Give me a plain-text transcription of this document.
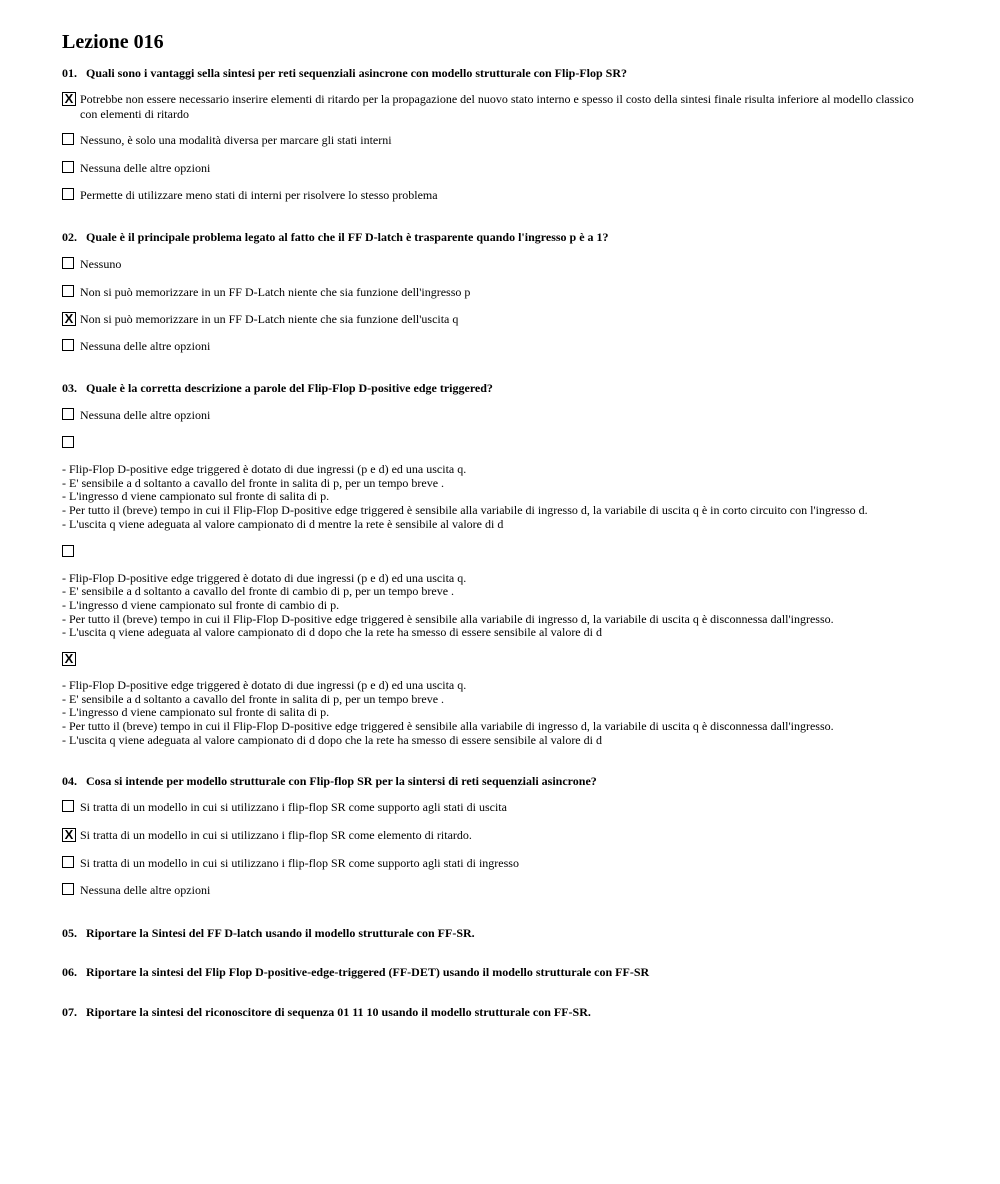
Lezione 016

01. Quali sono i vantaggi sella sintesi per reti sequenziali asincrone con modello strutturale con Flip-Flop SR?

X Potrebbe non essere necessario inserire elementi di ritardo per la propagazione del nuovo stato interno e spesso il costo della sintesi finale risulta inferiore al modello classico con elementi di ritardo
Nessuno, è solo una modalità diversa per marcare gli stati interni
Nessuna delle altre opzioni
Permette di utilizzare meno stati di interni per risolvere lo stesso problema

02. Quale è il principale problema legato al fatto che il FF D-latch è trasparente quando l'ingresso p è a 1?

Nessuno
Non si può memorizzare in un FF D-Latch niente che sia funzione dell'ingresso p
X Non si può memorizzare in un FF D-Latch niente che sia funzione dell'uscita q
Nessuna delle altre opzioni

03. Quale è la corretta descrizione a parole del Flip-Flop D-positive edge triggered?

Nessuna delle altre opzioni
- Flip-Flop D-positive edge triggered è dotato di due ingressi (p e d) ed una uscita q.
- E' sensibile a d soltanto a cavallo del fronte in salita di p, per un tempo breve .
- L'ingresso d viene campionato sul fronte di salita di p.
- Per tutto il (breve) tempo in cui il Flip-Flop D-positive edge triggered è sensibile alla variabile di ingresso d, la variabile di uscita q è in corto circuito con l'ingresso d.
- L'uscita q viene adeguata al valore campionato di d mentre la rete è sensibile al valore di d
- Flip-Flop D-positive edge triggered è dotato di due ingressi (p e d) ed una uscita q.
- E' sensibile a d soltanto a cavallo del fronte di cambio di p, per un tempo breve .
- L'ingresso d viene campionato sul fronte di cambio di p.
- Per tutto il (breve) tempo in cui il Flip-Flop D-positive edge triggered è sensibile alla variabile di ingresso d, la variabile di uscita q è disconnessa dall'ingresso.
- L'uscita q viene adeguata al valore campionato di d dopo che la rete ha smesso di essere sensibile al valore di d
X
- Flip-Flop D-positive edge triggered è dotato di due ingressi (p e d) ed una uscita q.
- E' sensibile a d soltanto a cavallo del fronte in salita di p, per un tempo breve .
- L'ingresso d viene campionato sul fronte di salita di p.
- Per tutto il (breve) tempo in cui il Flip-Flop D-positive edge triggered è sensibile alla variabile di ingresso d, la variabile di uscita q è disconnessa dall'ingresso.
- L'uscita q viene adeguata al valore campionato di d dopo che la rete ha smesso di essere sensibile al valore di d

04. Cosa si intende per modello strutturale con Flip-flop SR per la sintersi di reti sequenziali asincrone?

Si tratta di un modello in cui si utilizzano i flip-flop SR come supporto agli stati di uscita
X Si tratta di un modello in cui si utilizzano i flip-flop SR come elemento di ritardo.
Si tratta di un modello in cui si utilizzano i flip-flop SR come supporto agli stati di ingresso
Nessuna delle altre opzioni

05. Riportare la Sintesi del FF D-latch usando il modello strutturale con FF-SR.

06. Riportare la sintesi del Flip Flop D-positive-edge-triggered (FF-DET) usando il modello strutturale con FF-SR

07. Riportare la sintesi del riconoscitore di sequenza 01 11 10 usando il modello strutturale con FF-SR.
